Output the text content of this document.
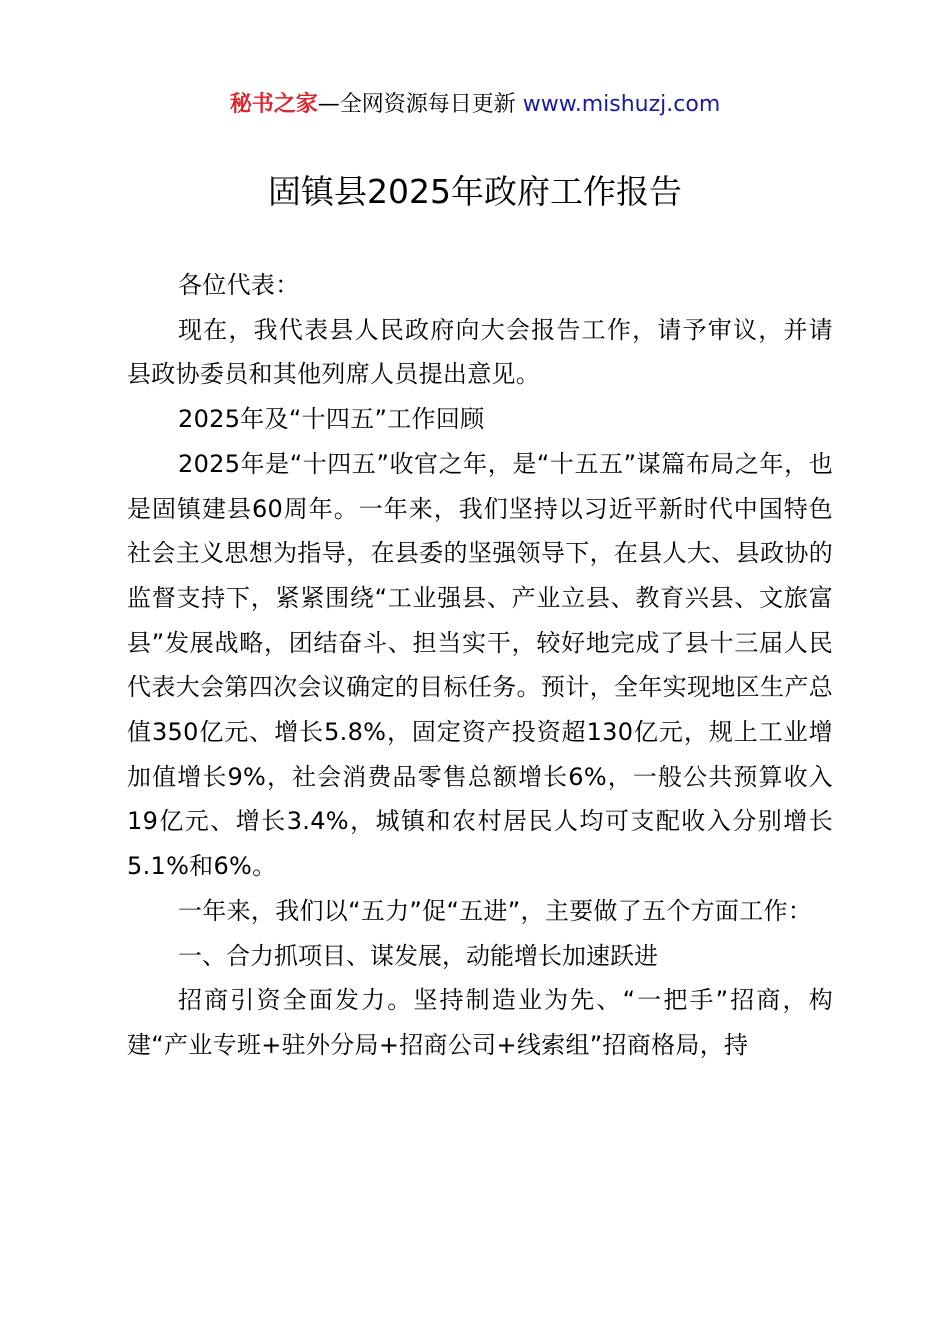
秘书之家—全网资源每日更新 www.mishuzj.com
固镇县2025年政府工作报告

各位代表：

现在，我代表县人民政府向大会报告工作，请予审议，并请县政协委员和其他列席人员提出意见。

2025年及“十四五”工作回顾

2025年是“十四五”收官之年，是“十五五”谋篇布局之年，也是固镇建县60周年。一年来，我们坚持以习近平新时代中国特色社会主义思想为指导，在县委的坚强领导下，在县人大、县政协的监督支持下，紧紧围绕“工业强县、产业立县、教育兴县、文旅富县”发展战略，团结奋斗、担当实干，较好地完成了县十三届人民代表大会第四次会议确定的目标任务。预计，全年实现地区生产总值350亿元、增长5.8%，固定资产投资超130亿元，规上工业增加值增长9%，社会消费品零售总额增长6%，一般公共预算收入19亿元、增长3.4%，城镇和农村居民人均可支配收入分别增长5.1%和6%。

一年来，我们以“五力”促“五进”，主要做了五个方面工作：

一、合力抓项目、谋发展，动能增长加速跃进

招商引资全面发力。坚持制造业为先、“一把手”招商，构建“产业专班+驻外分局+招商公司+线索组”招商格局，持
